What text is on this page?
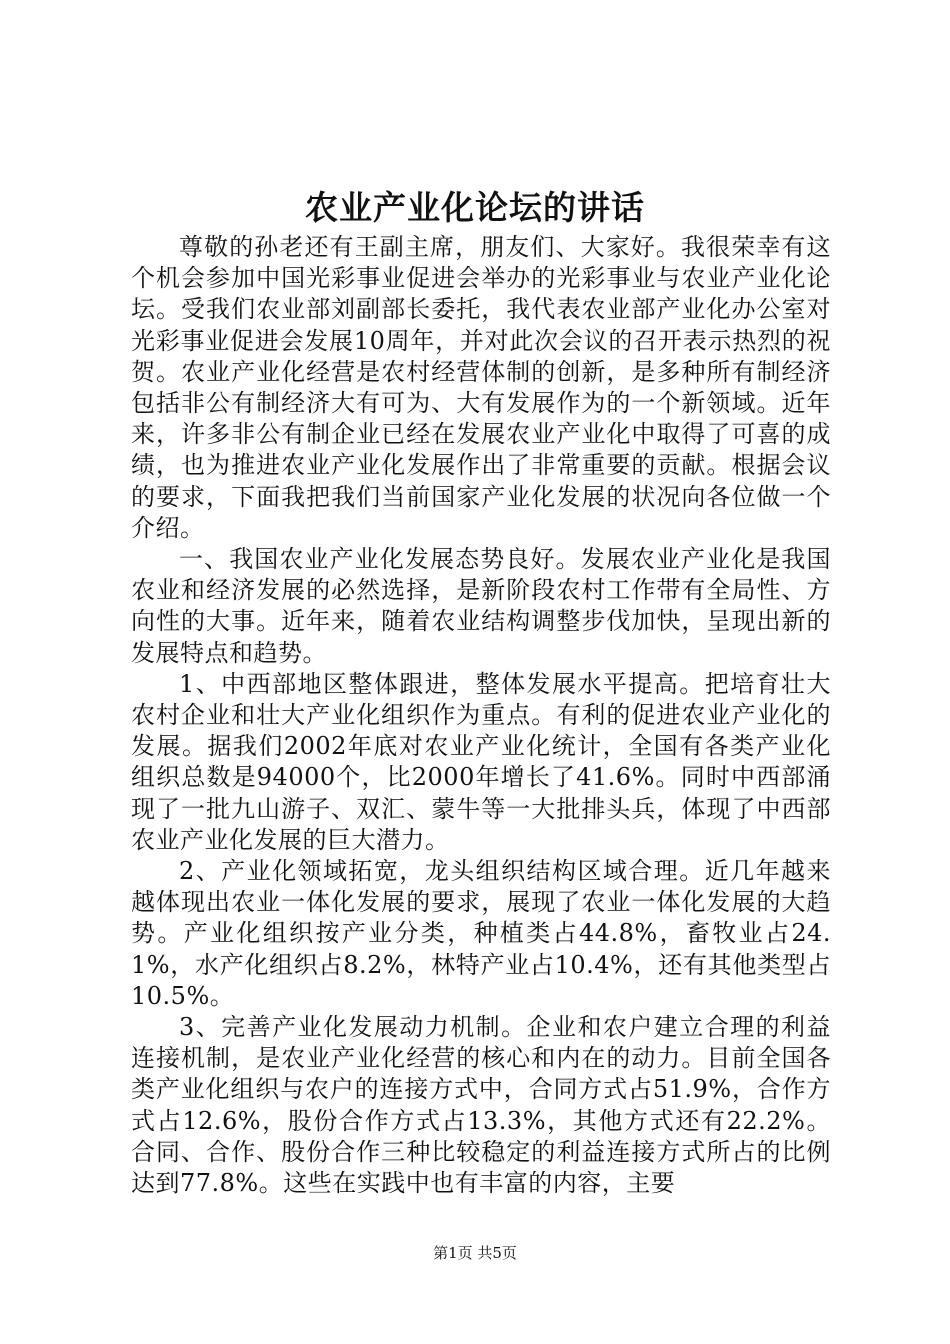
农业产业化论坛的讲话

尊敬的孙老还有王副主席，朋友们、大家好。我很荣幸有这个机会参加中国光彩事业促进会举办的光彩事业与农业产业化论坛。受我们农业部刘副部长委托，我代表农业部产业化办公室对光彩事业促进会发展10周年，并对此次会议的召开表示热烈的祝贺。农业产业化经营是农村经营体制的创新，是多种所有制经济包括非公有制经济大有可为、大有发展作为的一个新领域。近年来，许多非公有制企业已经在发展农业产业化中取得了可喜的成绩，也为推进农业产业化发展作出了非常重要的贡献。根据会议的要求，下面我把我们当前国家产业化发展的状况向各位做一个介绍。

一、我国农业产业化发展态势良好。发展农业产业化是我国农业和经济发展的必然选择，是新阶段农村工作带有全局性、方向性的大事。近年来，随着农业结构调整步伐加快，呈现出新的发展特点和趋势。

1、中西部地区整体跟进，整体发展水平提高。把培育壮大农村企业和壮大产业化组织作为重点。有利的促进农业产业化的发展。据我们2002年底对农业产业化统计，全国有各类产业化组织总数是94000个，比2000年增长了41.6%。同时中西部涌现了一批九山游子、双汇、蒙牛等一大批排头兵，体现了中西部农业产业化发展的巨大潜力。

2、产业化领域拓宽，龙头组织结构区域合理。近几年越来越体现出农业一体化发展的要求，展现了农业一体化发展的大趋势。产业化组织按产业分类，种植类占44.8%，畜牧业占24.1%，水产化组织占8.2%，林特产业占10.4%，还有其他类型占10.5%。

3、完善产业化发展动力机制。企业和农户建立合理的利益连接机制，是农业产业化经营的核心和内在的动力。目前全国各类产业化组织与农户的连接方式中，合同方式占51.9%，合作方式占12.6%，股份合作方式占13.3%，其他方式还有22.2%。合同、合作、股份合作三种比较稳定的利益连接方式所占的比例达到77.8%。这些在实践中也有丰富的内容，主要

第1页 共5页
